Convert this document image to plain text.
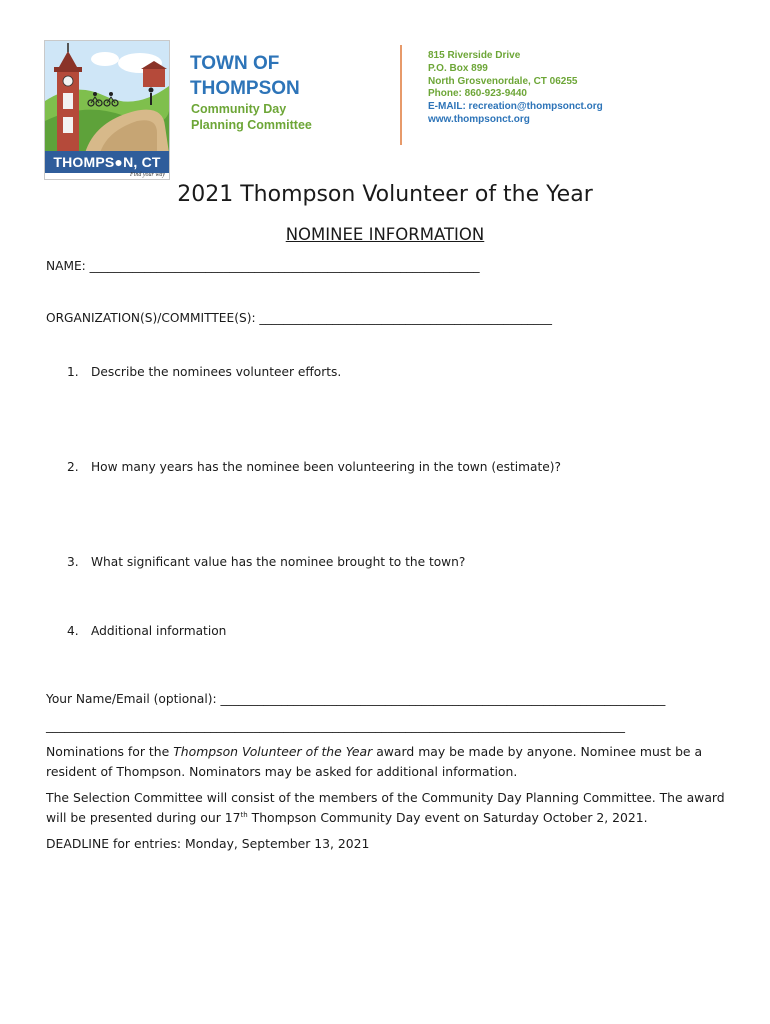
THOMPS●N, CT
Find your way
TOWN OF
THOMPSON
Community Day
Planning Committee
815 Riverside Drive
P.O. Box 899
North Grosvenordale, CT 06255
Phone: 860-923-9440
E-MAIL: recreation@thompsonct.org
www.thompsonct.org
2021 Thompson Volunteer of the Year
NOMINEE INFORMATION
NAME: ________________________________________________________________
ORGANIZATION(S)/COMMITTEE(S): ________________________________________________
1. Describe the nominees volunteer efforts.
2. How many years has the nominee been volunteering in the town (estimate)?
3. What significant value has the nominee brought to the town?
4. Additional information
Your Name/Email (optional): _________________________________________________________________________
_______________________________________________________________________________________________
Nominations for the Thompson Volunteer of the Year award may be made by anyone. Nominee must be a resident of Thompson. Nominators may be asked for additional information.
The Selection Committee will consist of the members of the Community Day Planning Committee. The award will be presented during our 17th Thompson Community Day event on Saturday October 2, 2021.
DEADLINE for entries: Monday, September 13, 2021
